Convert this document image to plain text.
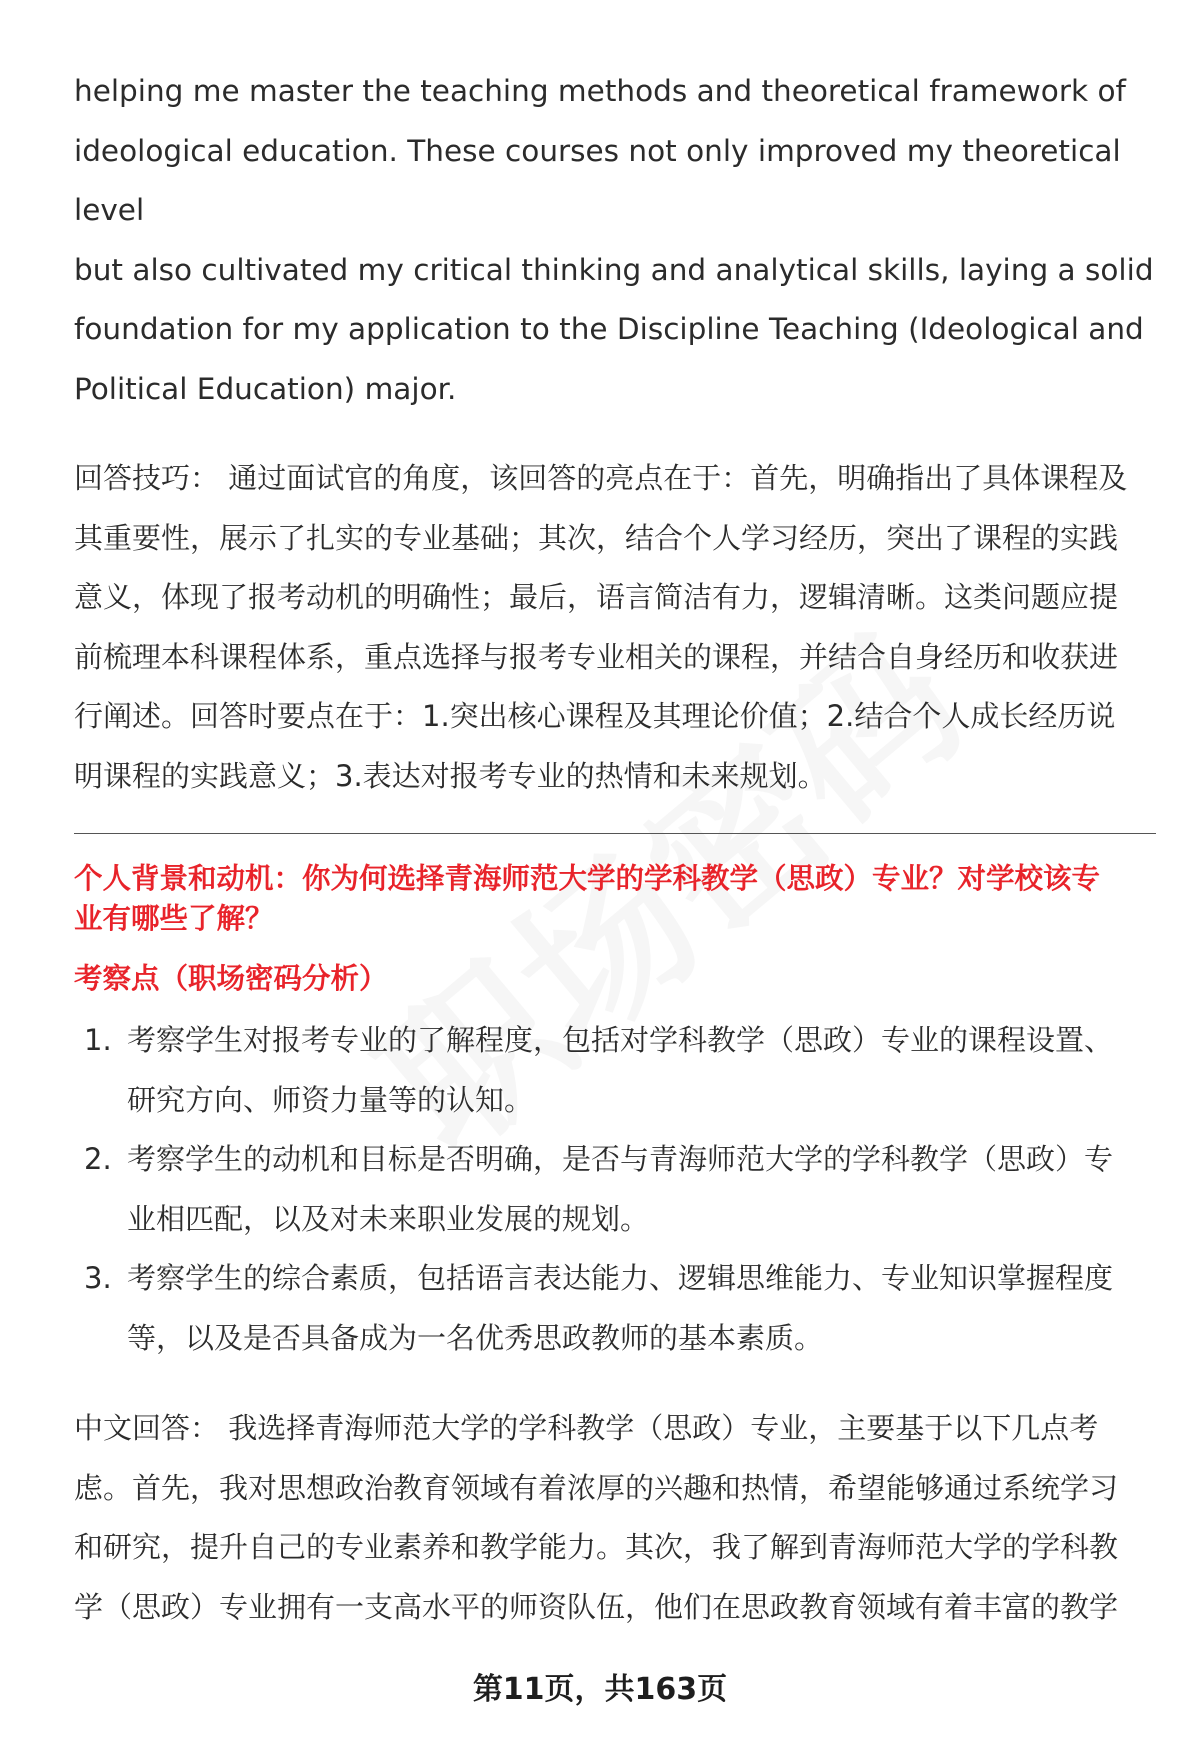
helping me master the teaching methods and theoretical framework of

ideological education. These courses not only improved my theoretical level

but also cultivated my critical thinking and analytical skills, laying a solid

foundation for my application to the Discipline Teaching (Ideological and

Political Education) major.

回答技巧： 通过面试官的角度，该回答的亮点在于：首先，明确指出了具体课程及

其重要性，展示了扎实的专业基础；其次，结合个人学习经历，突出了课程的实践

意义，体现了报考动机的明确性；最后，语言简洁有力，逻辑清晰。这类问题应提

前梳理本科课程体系，重点选择与报考专业相关的课程，并结合自身经历和收获进

行阐述。回答时要点在于：1.突出核心课程及其理论价值；2.结合个人成长经历说

明课程的实践意义；3.表达对报考专业的热情和未来规划。

个人背景和动机：你为何选择青海师范大学的学科教学（思政）专业？对学校该专

业有哪些了解？

考察点（职场密码分析）

1. 考察学生对报考专业的了解程度，包括对学科教学（思政）专业的课程设置、
研究方向、师资力量等的认知。
2. 考察学生的动机和目标是否明确，是否与青海师范大学的学科教学（思政）专
业相匹配，以及对未来职业发展的规划。
3. 考察学生的综合素质，包括语言表达能力、逻辑思维能力、专业知识掌握程度
等，以及是否具备成为一名优秀思政教师的基本素质。

中文回答： 我选择青海师范大学的学科教学（思政）专业，主要基于以下几点考

虑。首先，我对思想政治教育领域有着浓厚的兴趣和热情，希望能够通过系统学习

和研究，提升自己的专业素养和教学能力。其次，我了解到青海师范大学的学科教

学（思政）专业拥有一支高水平的师资队伍，他们在思政教育领域有着丰富的教学

第11页，共163页
